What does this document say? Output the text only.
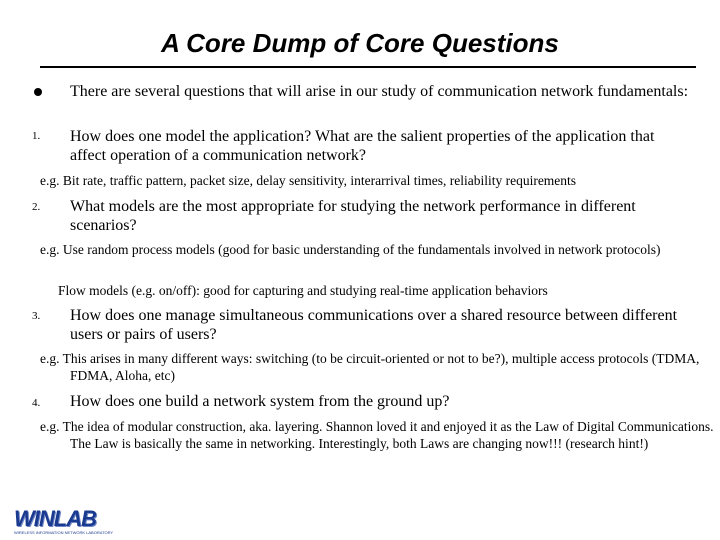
A Core Dump of Core Questions
There are several questions that will arise in our study of communication network fundamentals:
1. How does one model the application? What are the salient properties of the application that affect operation of a communication network?
e.g. Bit rate, traffic pattern, packet size, delay sensitivity, interarrival times, reliability requirements
2. What models are the most appropriate for studying the network performance in different scenarios?
e.g. Use random process models (good for basic understanding of the fundamentals involved in network protocols)
Flow models (e.g. on/off): good for capturing and studying real-time application behaviors
3. How does one manage simultaneous communications over a shared resource between different users or pairs of users?
e.g. This arises in many different ways: switching (to be circuit-oriented or not to be?), multiple access protocols (TDMA, FDMA, Aloha, etc)
4. How does one build a network system from the ground up?
e.g. The idea of modular construction, aka. layering. Shannon loved it and enjoyed it as the Law of Digital Communications. The Law is basically the same in networking. Interestingly, both Laws are changing now!!! (research hint!)
WINLAB
WIRELESS INFORMATION NETWORK LABORATORY
